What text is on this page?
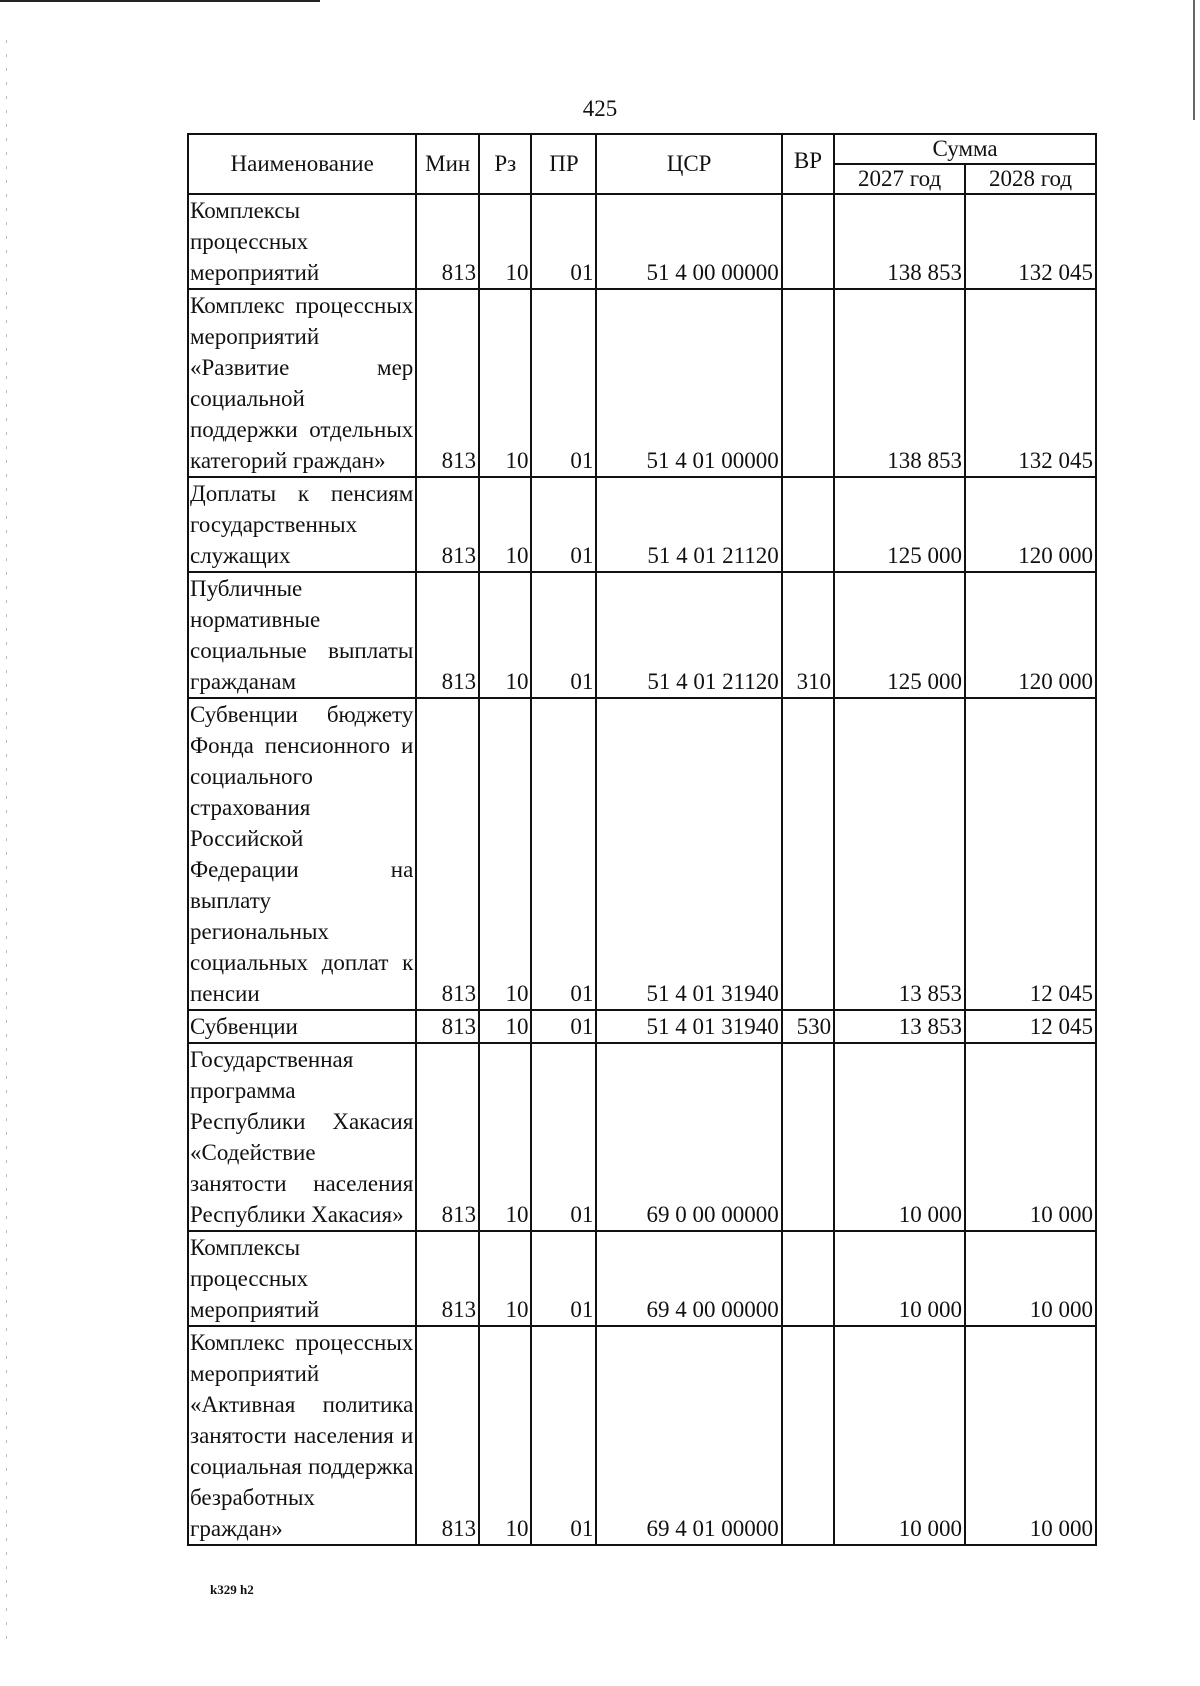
425
Наименование	Мин	Рз	ПР	ЦСР	ВР	Сумма	
						2027 год	2028 год
Комплексы процессных мероприятий	813	10	01	51 4 00 00000		138 853	132 045
Комплекс процессных мероприятий «Развитие мер социальной поддержки отдельных категорий граждан»	813	10	01	51 4 01 00000		138 853	132 045
Доплаты к пенсиям государственных служащих	813	10	01	51 4 01 21120		125 000	120 000
Публичные нормативные социальные выплаты гражданам	813	10	01	51 4 01 21120	310	125 000	120 000
Субвенции бюджету Фонда пенсионного и социального страхования Российской Федерации на выплату региональных социальных доплат к пенсии	813	10	01	51 4 01 31940		13 853	12 045
Субвенции	813	10	01	51 4 01 31940	530	13 853	12 045
Государственная программа Республики Хакасия «Содействие занятости населения Республики Хакасия»	813	10	01	69 0 00 00000		10 000	10 000
Комплексы процессных мероприятий	813	10	01	69 4 00 00000		10 000	10 000
Комплекс процессных мероприятий «Активная политика занятости населения и социальная поддержка безработных граждан»	813	10	01	69 4 01 00000		10 000	10 000
k329 h2
